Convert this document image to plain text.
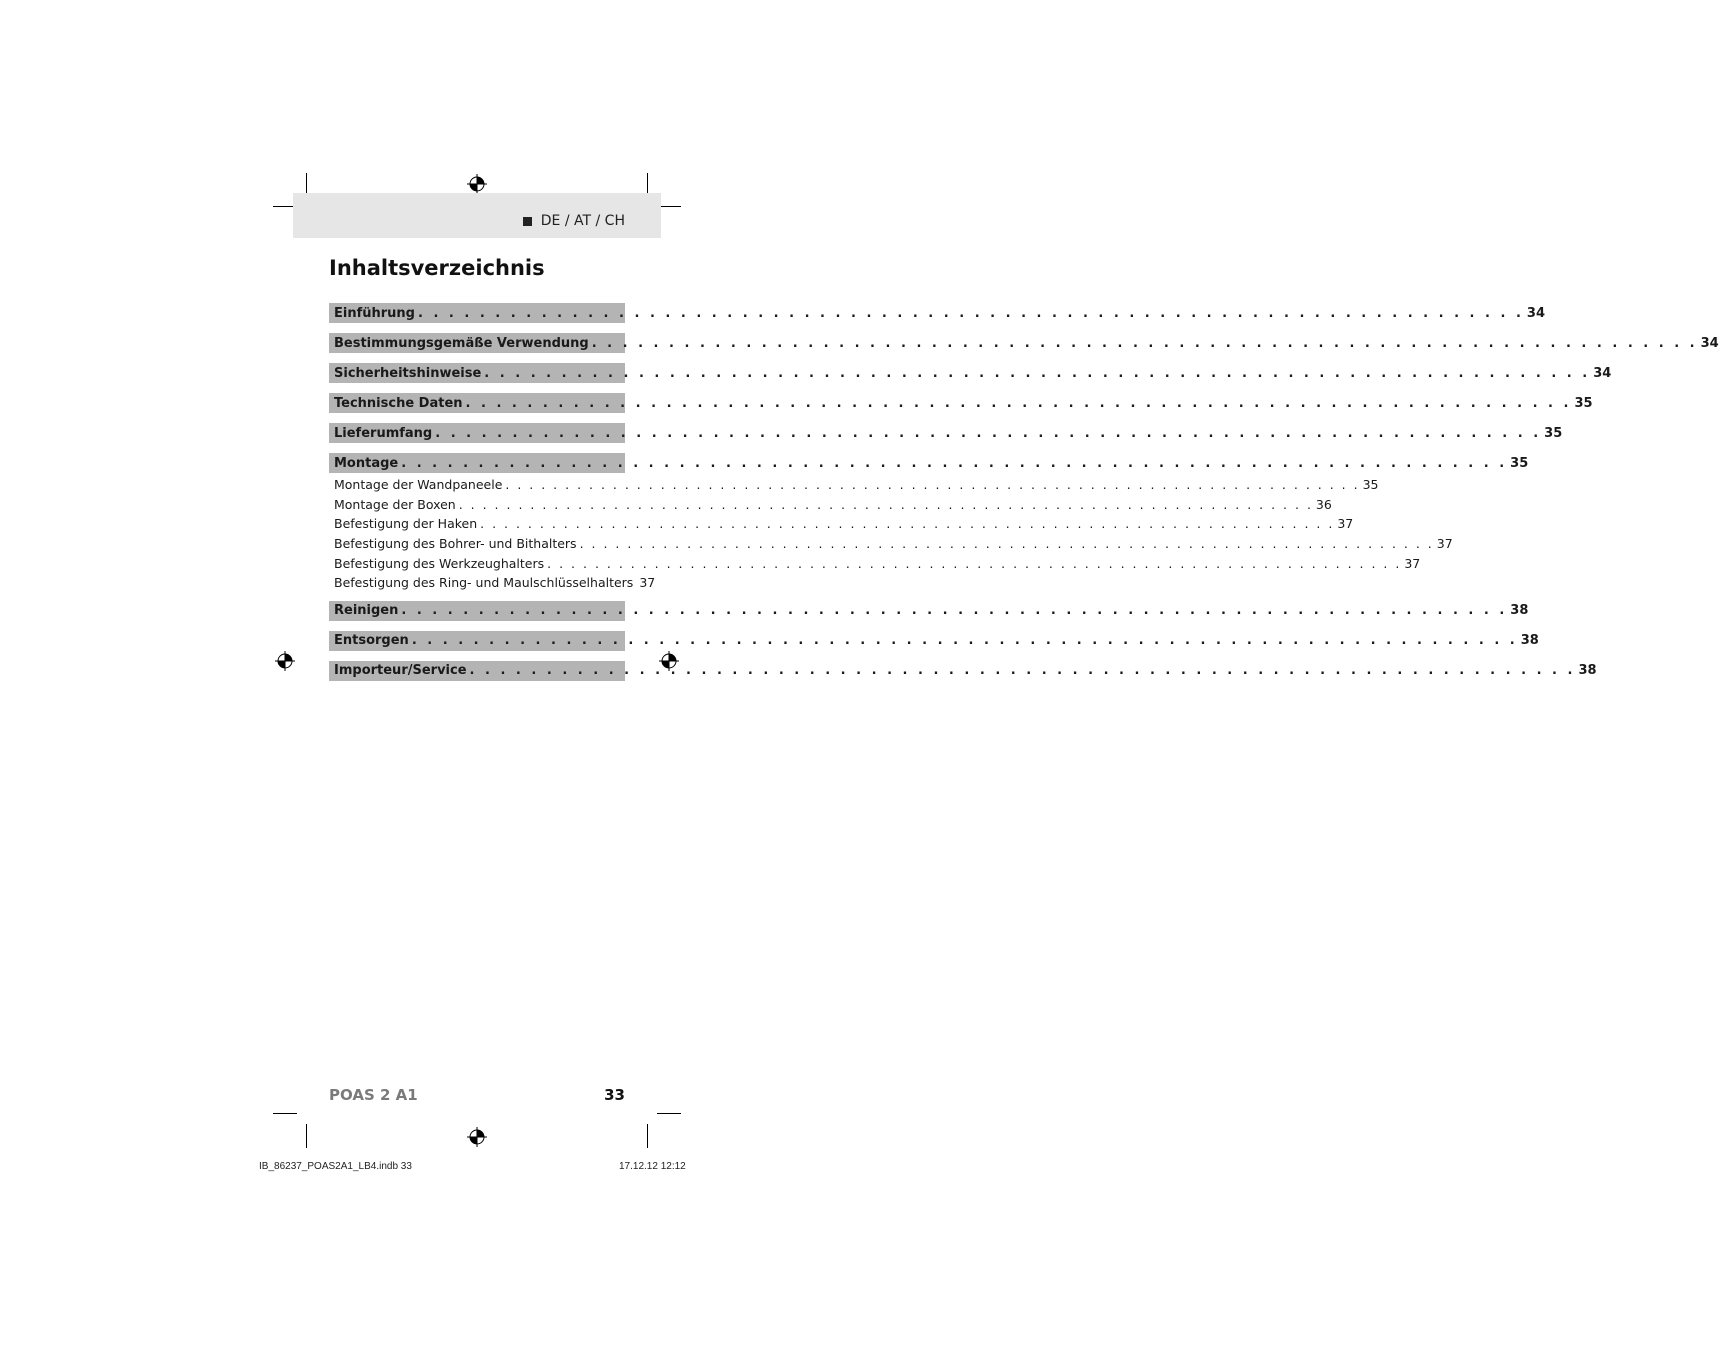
DE / AT / CH
Inhaltsverzeichnis
Einführung . . .	34
Bestimmungsgemäße Verwendung . . .	34
Sicherheitshinweise . . .	34
Technische Daten . . .	35
Lieferumfang . . .	35
Montage . . .	35
Montage der Wandpaneele . . .	35
Montage der Boxen . . .	36
Befestigung der Haken . . .	37
Befestigung des Bohrer- und Bithalters . . .	37
Befestigung des Werkzeughalters . . .	37
Befestigung des Ring- und Maulschlüsselhalters 37
Reinigen . . .	38
Entsorgen . . .	38
Importeur/Service . . .	38
POAS 2 A1	33
IB_86237_POAS2A1_LB4.indb 33	17.12.12 12:12
